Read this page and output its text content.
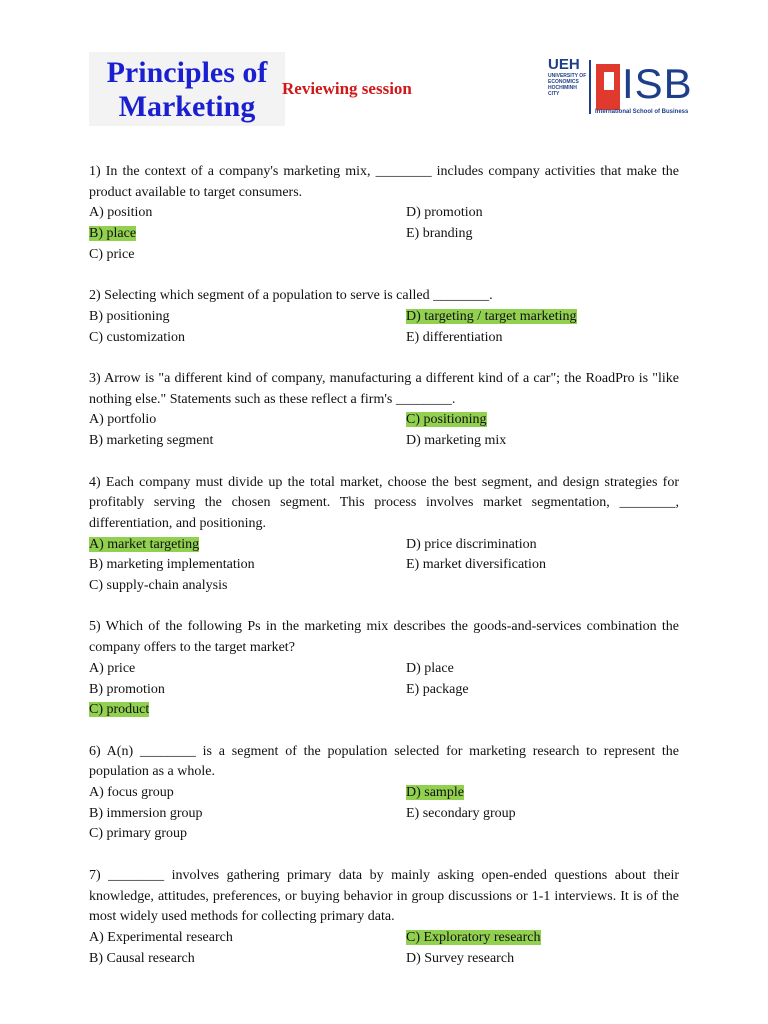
Principles of
Marketing
Reviewing session
UEH
UNIVERSITY OF ECONOMICS HOCHIMINH CITY	ISB
International School of Business
1) In the context of a company's marketing mix, ________ includes company activities that make the product available to target consumers.
A) position	D) promotion
B) place	E) branding
C) price
2) Selecting which segment of a population to serve is called ________.
B) positioning	D) targeting / target marketing
C) customization	E) differentiation
3) Arrow is "a different kind of company, manufacturing a different kind of a car"; the RoadPro is "like nothing else." Statements such as these reflect a firm's ________.
A) portfolio	C) positioning
B) marketing segment	D) marketing mix
4) Each company must divide up the total market, choose the best segment, and design strategies for profitably serving the chosen segment. This process involves market segmentation, ________, differentiation, and positioning.
A) market targeting	D) price discrimination
B) marketing implementation	E) market diversification
C) supply-chain analysis
5) Which of the following Ps in the marketing mix describes the goods-and-services combination the company offers to the target market?
A) price	D) place
B) promotion	E) package
C) product
6) A(n) ________ is a segment of the population selected for marketing research to represent the population as a whole.
A) focus group	D) sample
B) immersion group	E) secondary group
C) primary group
7) ________ involves gathering primary data by mainly asking open-ended questions about their knowledge, attitudes, preferences, or buying behavior in group discussions or 1-1 interviews. It is of the most widely used methods for collecting primary data.
A) Experimental research	C) Exploratory research
B) Causal research	D) Survey research
